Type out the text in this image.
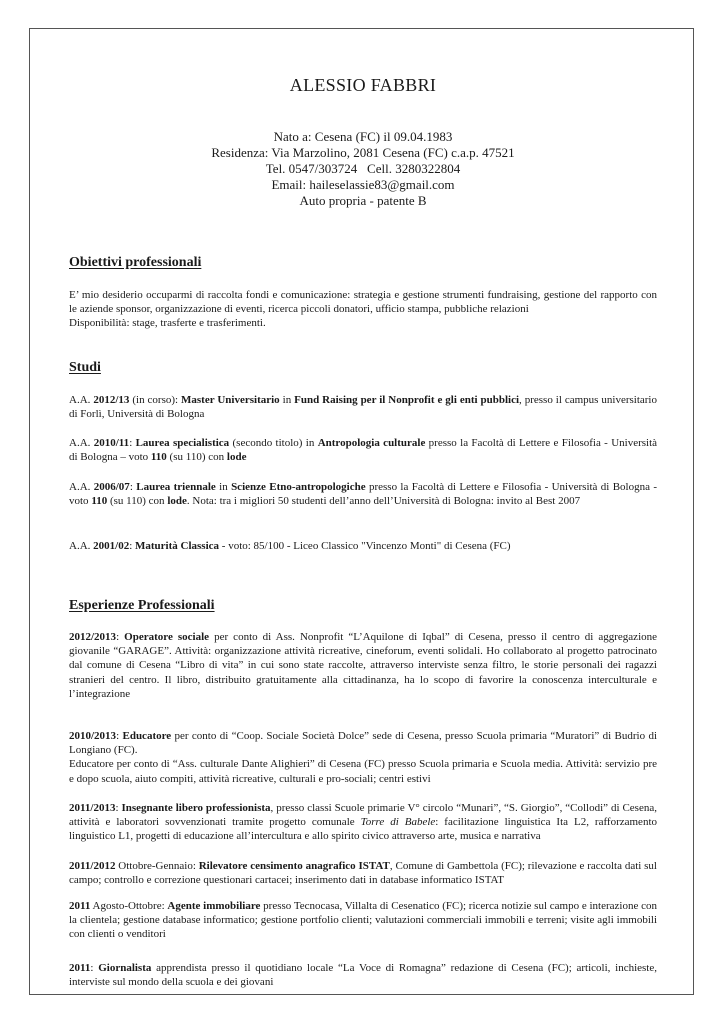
ALESSIO FABBRI
Nato a: Cesena (FC) il 09.04.1983
Residenza: Via Marzolino, 2081 Cesena (FC) c.a.p. 47521
Tel. 0547/303724   Cell. 3280322804
Email: haileselassie83@gmail.com
Auto propria - patente B
Obiettivi professionali

E’ mio desiderio occuparmi di raccolta fondi e comunicazione: strategia e gestione strumenti fundraising, gestione del rapporto con le aziende sponsor, organizzazione di eventi, ricerca piccoli donatori, ufficio stampa, pubbliche relazioni
Disponibilità: stage, trasferte e trasferimenti.

Studi

A.A. 2012/13 (in corso): Master Universitario in Fund Raising per il Nonprofit e gli enti pubblici, presso il campus universitario di Forlì, Università di Bologna

A.A. 2010/11: Laurea specialistica (secondo titolo) in Antropologia culturale presso la Facoltà di Lettere e Filosofia - Università di Bologna – voto 110 (su 110) con lode

A.A. 2006/07: Laurea triennale in Scienze Etno-antropologiche presso la Facoltà di Lettere e Filosofia - Università di Bologna - voto 110 (su 110) con lode. Nota: tra i migliori 50 studenti dell’anno dell’Università di Bologna: invito al Best 2007

A.A. 2001/02: Maturità Classica - voto: 85/100 - Liceo Classico "Vincenzo Monti" di Cesena (FC)

Esperienze Professionali

2012/2013: Operatore sociale per conto di Ass. Nonprofit “L’Aquilone di Iqbal” di Cesena, presso il centro di aggregazione giovanile “GARAGE”. Attività: organizzazione attività ricreative, cineforum, eventi solidali. Ho collaborato al progetto patrocinato dal comune di Cesena “Libro di vita” in cui sono state raccolte, attraverso interviste senza filtro, le storie personali dei ragazzi stranieri del centro. Il libro, distribuito gratuitamente alla cittadinanza, ha lo scopo di favorire la conoscenza interculturale e l’integrazione

2010/2013: Educatore per conto di “Coop. Sociale Società Dolce” sede di Cesena, presso Scuola primaria “Muratori” di Budrio di Longiano (FC).
Educatore per conto di “Ass. culturale Dante Alighieri” di Cesena (FC) presso Scuola primaria e Scuola media. Attività: servizio pre e dopo scuola, aiuto compiti, attività ricreative, culturali e pro-sociali; centri estivi

2011/2013: Insegnante libero professionista, presso classi Scuole primarie V° circolo “Munari”, “S. Giorgio”, “Collodi” di Cesena, attività e laboratori sovvenzionati tramite progetto comunale Torre di Babele: facilitazione linguistica Ita L2, rafforzamento linguistico L1, progetti di educazione all’intercultura e allo spirito civico attraverso arte, musica e narrativa

2011/2012 Ottobre-Gennaio: Rilevatore censimento anagrafico ISTAT, Comune di Gambettola (FC); rilevazione e raccolta dati sul campo; controllo e correzione questionari cartacei; inserimento dati in database informatico ISTAT

2011 Agosto-Ottobre: Agente immobiliare presso Tecnocasa, Villalta di Cesenatico (FC); ricerca notizie sul campo e interazione con la clientela; gestione database informatico; gestione portfolio clienti; valutazioni commerciali immobili e terreni; visite agli immobili con clienti o venditori

2011: Giornalista apprendista presso il quotidiano locale “La Voce di Romagna” redazione di Cesena (FC); articoli, inchieste, interviste sul mondo della scuola e dei giovani
